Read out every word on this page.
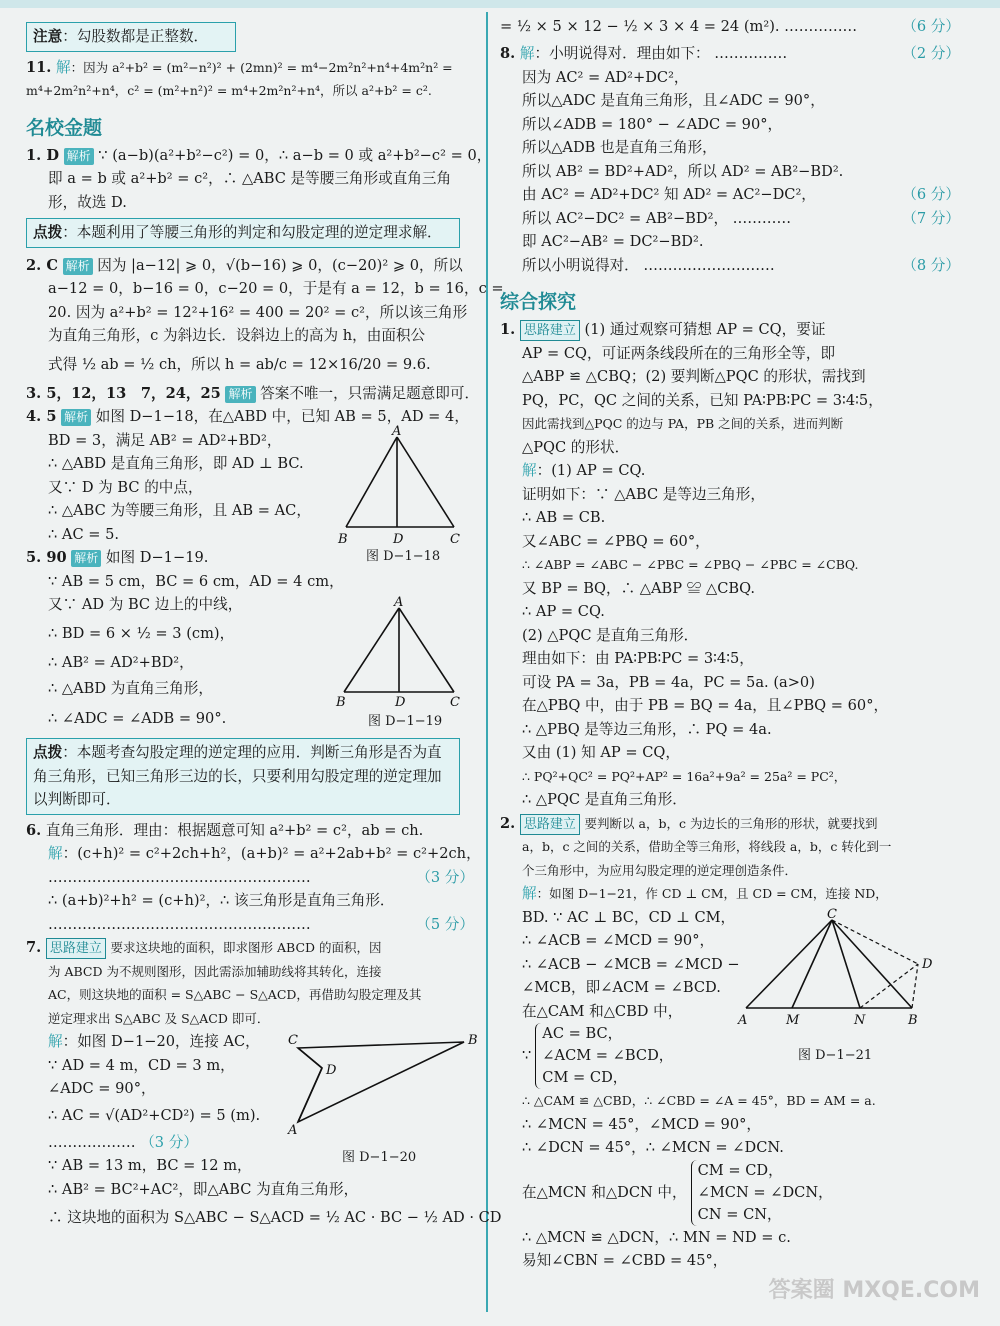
注意：勾股数都是正整数．
11. 解：因为 a²+b² = (m²−n²)² + (2mn)² = m⁴−2m²n²+n⁴+4m²n² =
m⁴+2m²n²+n⁴，c² = (m²+n²)² = m⁴+2m²n²+n⁴，所以 a²+b² = c².
名校金题
1. D 解析 ∵ (a−b)(a²+b²−c²) = 0，∴ a−b = 0 或 a²+b²−c² = 0，
即 a = b 或 a²+b² = c²，∴ △ABC 是等腰三角形或直角三角
形，故选 D.
点拨：本题利用了等腰三角形的判定和勾股定理的逆定理求解．
2. C 解析 因为 |a−12| ⩾ 0，√(b−16) ⩾ 0，(c−20)² ⩾ 0，所以
a−12 = 0，b−16 = 0，c−20 = 0，于是有 a = 12，b = 16，c =
20. 因为 a²+b² = 12²+16² = 400 = 20² = c²，所以该三角形
为直角三角形，c 为斜边长．设斜边上的高为 h，由面积公
式得 ½ ab = ½ ch，所以 h = ab/c = 12×16/20 = 9.6.
3. 5，12，13　7，24，25 解析 答案不唯一，只需满足题意即可．
4. 5 解析 如图 D−1−18，在△ABD 中，已知 AB = 5，AD = 4，
BD = 3，满足 AB² = AD²+BD²，
∴ △ABD 是直角三角形，即 AD ⊥ BC.
又∵ D 为 BC 的中点，
∴ △ABC 为等腰三角形，且 AB = AC，
∴ AC = 5.
A
B	D	C
图 D−1−18
5. 90 解析 如图 D−1−19.
∵ AB = 5 cm，BC = 6 cm，AD = 4 cm，
又∵ AD 为 BC 边上的中线，
∴ BD = 6 × ½ = 3 (cm)，
∴ AB² = AD²+BD²，
∴ △ABD 为直角三角形，
∴ ∠ADC = ∠ADB = 90°.
A
B	D	C
图 D−1−19
点拨：本题考查勾股定理的逆定理的应用．判断三角形是否为直角三角形，已知三角形三边的长，只要利用勾股定理的逆定理加以判断即可．
6. 直角三角形．理由：根据题意可知 a²+b² = c²，ab = ch.
解：(c+h)² = c²+2ch+h²，(a+b)² = a²+2ab+b² = c²+2ch，
………………………………………………	（3 分）
∴ (a+b)²+h² = (c+h)²，∴ 该三角形是直角三角形．
………………………………………………	（5 分）
7. 思路建立 要求这块地的面积，即求图形 ABCD 的面积，因
为 ABCD 为不规则图形，因此需添加辅助线将其转化，连接
AC，则这块地的面积 = S△ABC − S△ACD，再借助勾股定理及其
逆定理求出 S△ABC 及 S△ACD 即可．
解：如图 D−1−20，连接 AC，
∵ AD = 4 m，CD = 3 m，
∠ADC = 90°，
∴ AC = √(AD²+CD²) = 5 (m).
……………… （3 分）
∵ AB = 13 m，BC = 12 m，
∴ AB² = BC²+AC²，即△ABC 为直角三角形，
∴ 这块地的面积为 S△ABC − S△ACD = ½ AC · BC − ½ AD · CD
C	B
D
A
图 D−1−20
= ½ × 5 × 12 − ½ × 3 × 4 = 24 (m²). ……………	（6 分）
8. 解：小明说得对．理由如下： ……………	（2 分）
因为 AC² = AD²+DC²，
所以△ADC 是直角三角形，且∠ADC = 90°，
所以∠ADB = 180° − ∠ADC = 90°，
所以△ADB 也是直角三角形，
所以 AB² = BD²+AD²，所以 AD² = AB²−BD².
由 AC² = AD²+DC² 知 AD² = AC²−DC²，	（6 分）
所以 AC²−DC² = AB²−BD²， …………	（7 分）
即 AC²−AB² = DC²−BD².
所以小明说得对． ………………………	（8 分）
综合探究
1. 思路建立 (1) 通过观察可猜想 AP = CQ，要证
AP = CQ，可证两条线段所在的三角形全等，即
△ABP ≌ △CBQ；(2) 要判断△PQC 的形状，需找到
PQ，PC，QC 之间的关系，已知 PA∶PB∶PC = 3∶4∶5，
因此需找到△PQC 的边与 PA，PB 之间的关系，进而判断
△PQC 的形状．
解：(1) AP = CQ.
证明如下：∵ △ABC 是等边三角形，
∴ AB = CB.
又∠ABC = ∠PBQ = 60°，
∴ ∠ABP = ∠ABC − ∠PBC = ∠PBQ − ∠PBC = ∠CBQ.
又 BP = BQ，∴ △ABP ≌ △CBQ.
∴ AP = CQ.
(2) △PQC 是直角三角形．
理由如下：由 PA∶PB∶PC = 3∶4∶5，
可设 PA = 3a，PB = 4a，PC = 5a. (a>0)
在△PBQ 中，由于 PB = BQ = 4a，且∠PBQ = 60°，
∴ △PBQ 是等边三角形，∴ PQ = 4a.
又由 (1) 知 AP = CQ，
∴ PQ²+QC² = PQ²+AP² = 16a²+9a² = 25a² = PC²，
∴ △PQC 是直角三角形．
2. 思路建立 要判断以 a，b，c 为边长的三角形的形状，就要找到
a，b，c 之间的关系，借助全等三角形，将线段 a，b，c 转化到一
个三角形中，为应用勾股定理的逆定理创造条件．
解：如图 D−1−21，作 CD ⊥ CM，且 CD = CM，连接 ND，
BD. ∵ AC ⊥ BC，CD ⊥ CM，
∴ ∠ACB = ∠MCD = 90°，
∴ ∠ACB − ∠MCB = ∠MCD −
∠MCB，即∠ACM = ∠BCD.
在△CAM 和△CBD 中，
∵
AC = BC，
∠ACM = ∠BCD，
CM = CD，
∴ △CAM ≌ △CBD，∴ ∠CBD = ∠A = 45°，BD = AM = a.
∴ ∠MCN = 45°，∠MCD = 90°，
∴ ∠DCN = 45°，∴ ∠MCN = ∠DCN.
在△MCN 和△DCN 中，
CM = CD，
∠MCN = ∠DCN，
CN = CN，
∴ △MCN ≌ △DCN，∴ MN = ND = c.
易知∠CBN = ∠CBD = 45°，
C
D
A	M	N	B
图 D−1−21
答案圈 MXQE.COM
